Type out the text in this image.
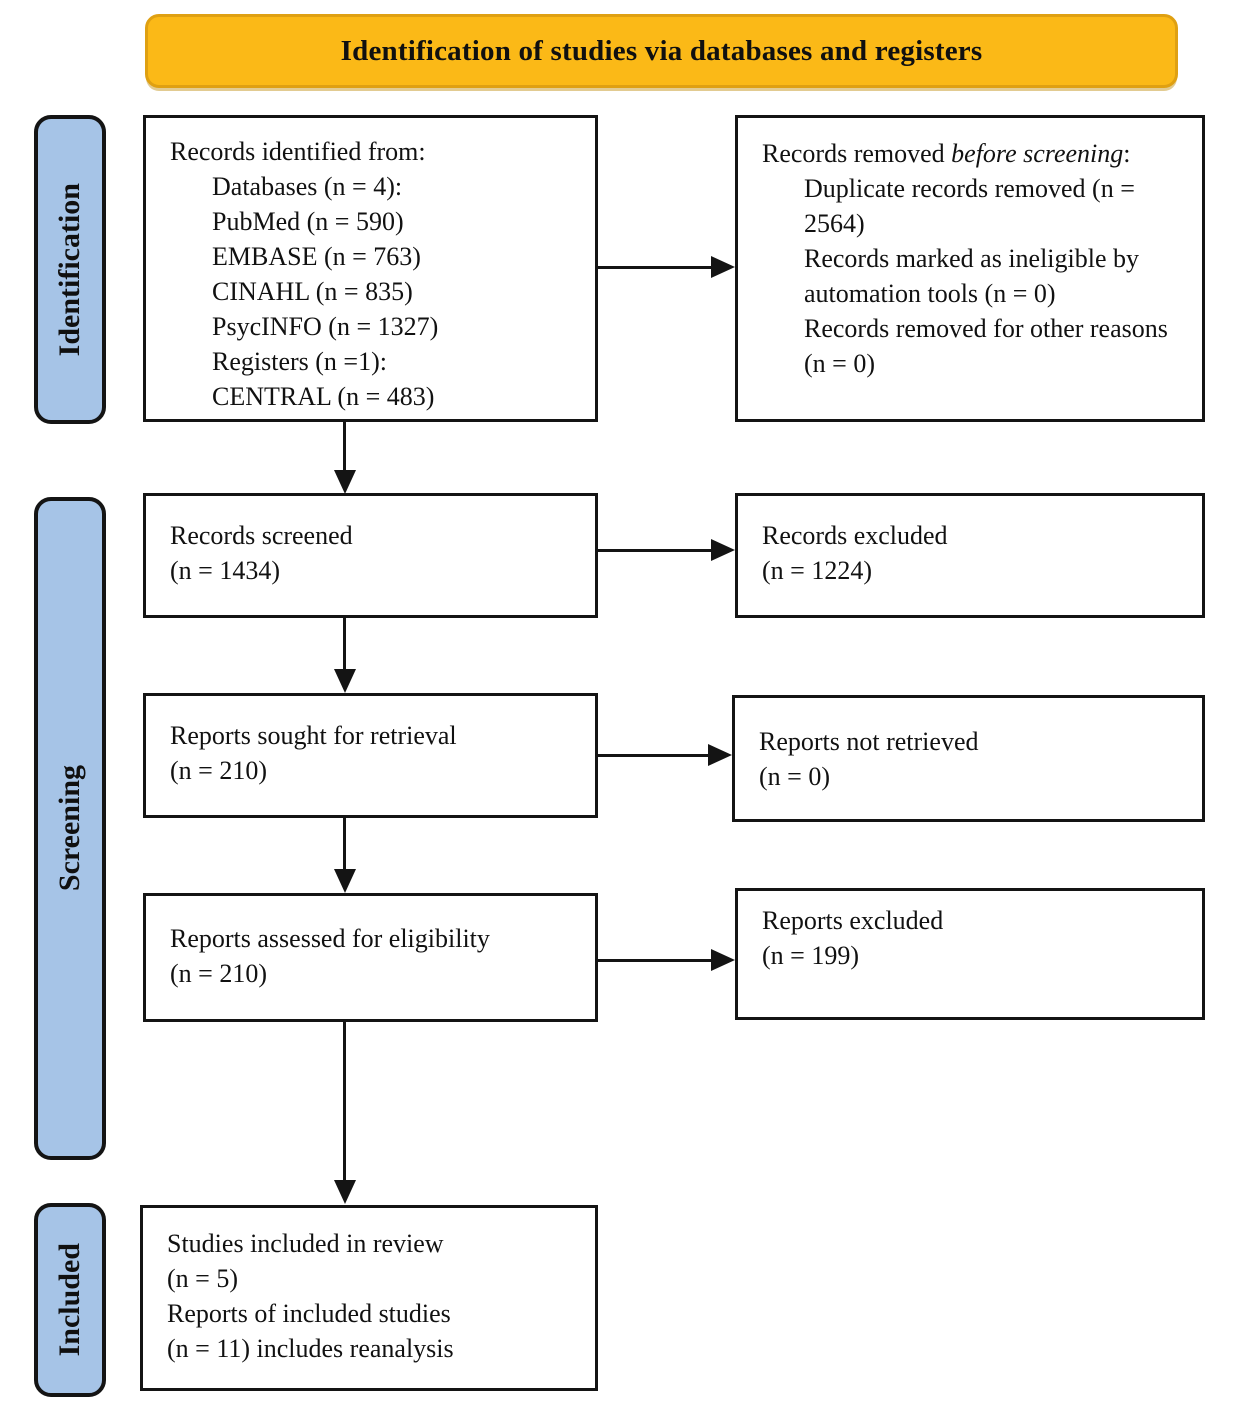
Identification of studies via databases and registers
Identification
Screening
Included
Records identified from:
Databases (n = 4):
PubMed (n = 590)
EMBASE (n = 763)
CINAHL (n = 835)
PsycINFO (n = 1327)
Registers (n =1):
CENTRAL (n = 483)
Records removed before screening:
Duplicate records removed (n = 2564)
Records marked as ineligible by automation tools (n = 0)
Records removed for other reasons (n = 0)
Records screened
(n = 1434)
Records excluded
(n = 1224)
Reports sought for retrieval
(n = 210)
Reports not retrieved
(n = 0)
Reports assessed for eligibility
(n = 210)
Reports excluded
(n = 199)
Studies included in review
(n = 5)
Reports of included studies
(n = 11) includes reanalysis
